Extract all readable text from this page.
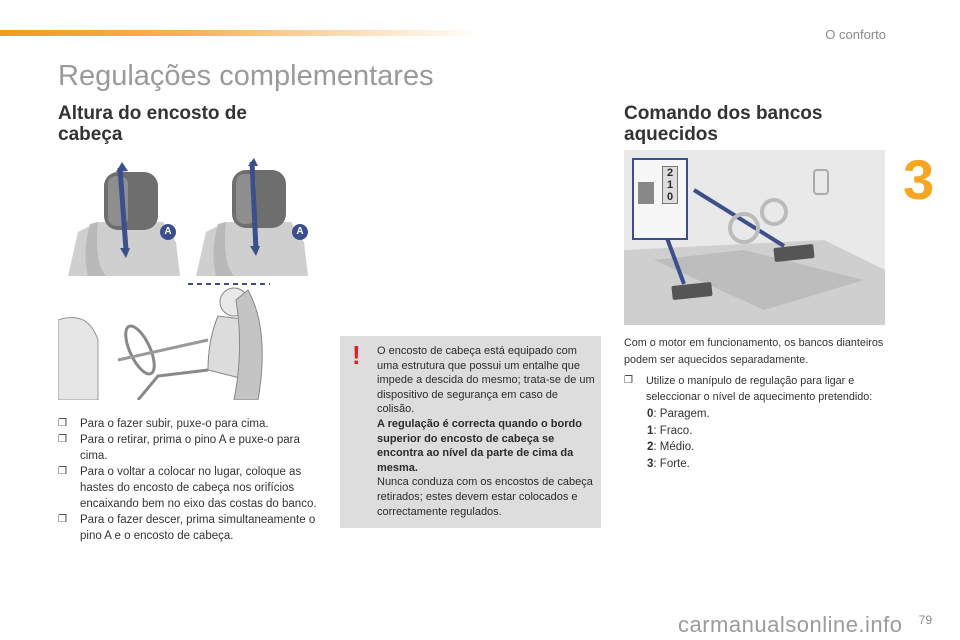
O conforto
3
Regulações complementares
Altura do encosto de
cabeça
A	A
❐ Para o fazer subir, puxe-o para cima.
❐ Para o retirar, prima o pino A e puxe-o para cima.
❐ Para o voltar a colocar no lugar, coloque as hastes do encosto de cabeça nos orifícios encaixando bem no eixo das costas do banco.
❐ Para o fazer descer, prima simultaneamente o pino A e o encosto de cabeça.
! O encosto de cabeça está equipado com uma estrutura que possui um entalhe que impede a descida do mesmo; trata-se de um dispositivo de segurança em caso de colisão.

A regulação é correcta quando o bordo superior do encosto de cabeça se encontra ao nível da parte de cima da mesma.

Nunca conduza com os encostos de cabeça retirados; estes devem estar colocados e correctamente regulados.

Comando dos bancos
aquecidos
2
1
0
Com o motor em funcionamento, os bancos dianteiros podem ser aquecidos separadamente.
❐ Utilize o manípulo de regulação para ligar e seleccionar o nível de aquecimento pretendido:
0: Paragem.
1: Fraco.
2: Médio.
3: Forte.
79
carmanualsonline.info
